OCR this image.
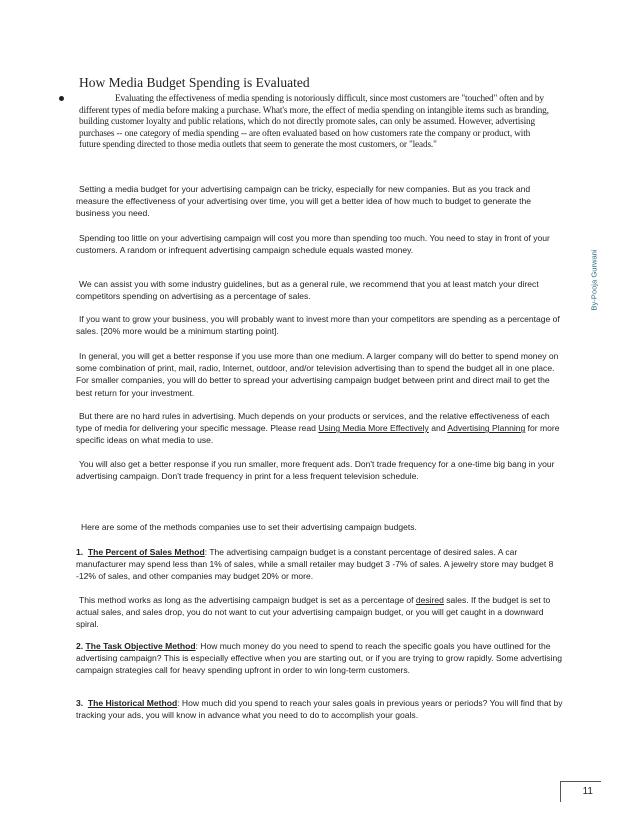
How Media Budget Spending is Evaluated
Evaluating the effectiveness of media spending is notoriously difficult, since most customers are "touched" often and by different types of media before making a purchase. What's more, the effect of media spending on intangible items such as branding, building customer loyalty and public relations, which do not directly promote sales, can only be assumed. However, advertising purchases -- one category of media spending -- are often evaluated based on how customers rate the company or product, with future spending directed to those media outlets that seem to generate the most customers, or "leads."
By-Pooja Gurwani
Setting a media budget for your advertising campaign can be tricky, especially for new companies. But as you track and measure the effectiveness of your advertising over time, you will get a better idea of how much to budget to generate the business you need.
Spending too little on your advertising campaign will cost you more than spending too much. You need to stay in front of your customers. A random or infrequent advertising campaign schedule equals wasted money.
We can assist you with some industry guidelines, but as a general rule, we recommend that you at least match your direct competitors spending on advertising as a percentage of sales.
If you want to grow your business, you will probably want to invest more than your competitors are spending as a percentage of sales. [20% more would be a minimum starting point].
In general, you will get a better response if you use more than one medium. A larger company will do better to spend money on some combination of print, mail, radio, Internet, outdoor, and/or television advertising than to spend the budget all in one place. For smaller companies, you will do better to spread your advertising campaign budget between print and direct mail to get the best return for your investment.
But there are no hard rules in advertising. Much depends on your products or services, and the relative effectiveness of each type of media for delivering your specific message. Please read Using Media More Effectively and Advertising Planning for more specific ideas on what media to use.
You will also get a better response if you run smaller, more frequent ads. Don't trade frequency for a one-time big bang in your advertising campaign. Don't trade frequency in print for a less frequent television schedule.
Here are some of the methods companies use to set their advertising campaign budgets.
1. The Percent of Sales Method: The advertising campaign budget is a constant percentage of desired sales. A car manufacturer may spend less than 1% of sales, while a small retailer may budget 3 -7% of sales. A jewelry store may budget 8 -12% of sales, and other companies may budget 20% or more.
This method works as long as the advertising campaign budget is set as a percentage of desired sales. If the budget is set to actual sales, and sales drop, you do not want to cut your advertising campaign budget, or you will get caught in a downward spiral.
2. The Task Objective Method: How much money do you need to spend to reach the specific goals you have outlined for the advertising campaign? This is especially effective when you are starting out, or if you are trying to grow rapidly. Some advertising campaign strategies call for heavy spending upfront in order to win long-term customers.
3. The Historical Method: How much did you spend to reach your sales goals in previous years or periods? You will find that by tracking your ads, you will know in advance what you need to do to accomplish your goals.
11
